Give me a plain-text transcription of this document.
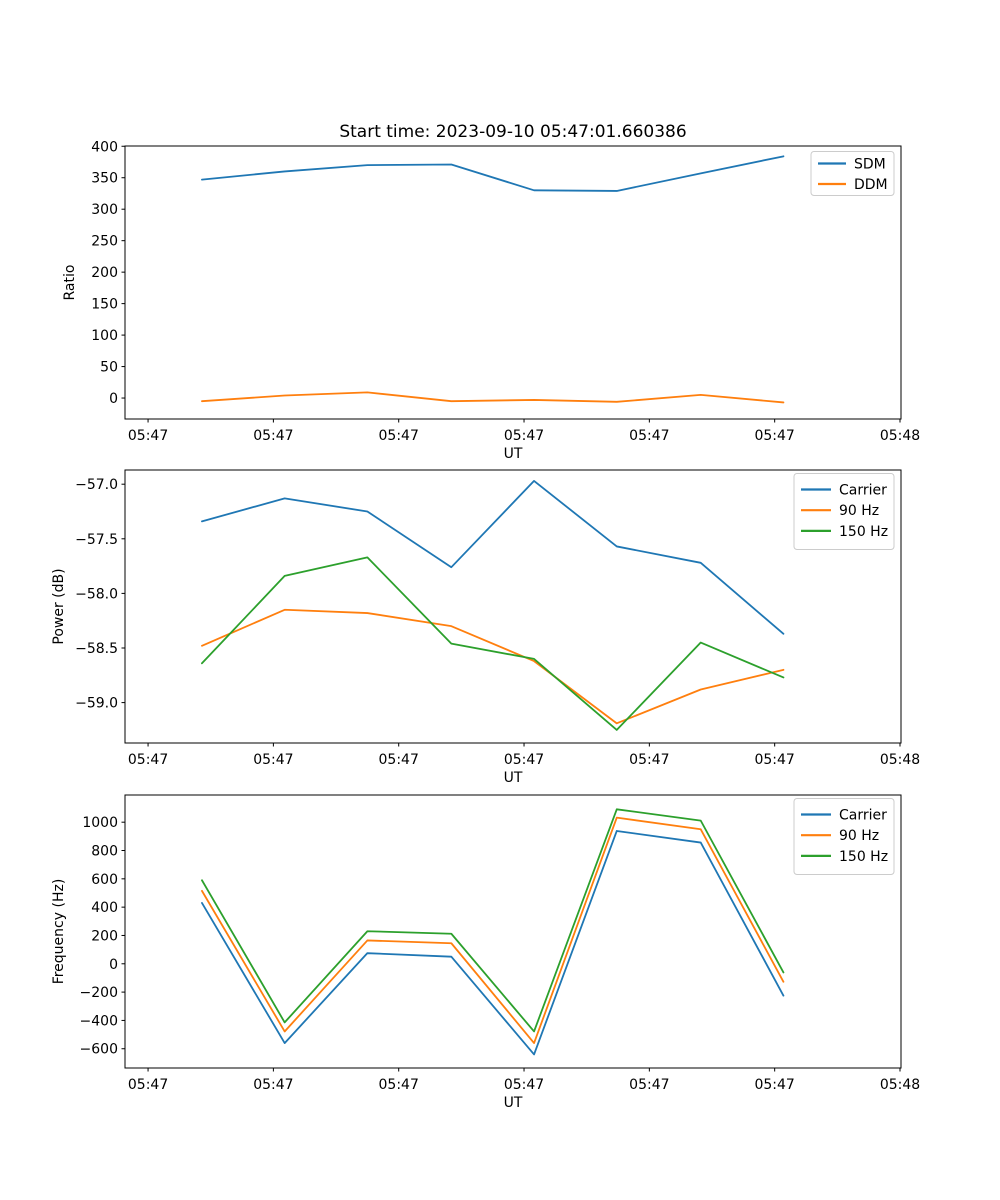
Start time: 2023-09-10 05:47:01.660386
05:47	05:47	05:47	05:47	05:47	05:47	05:48
UT
400
350
300
250
200
150
100
50
0
Ratio
SDM
DDM
05:47	05:47	05:47	05:47	05:47	05:47	05:48
UT
−57.0
−57.5
−58.0
−58.5
−59.0
Power (dB)
Carrier
90 Hz
150 Hz
05:47	05:47	05:47	05:47	05:47	05:47	05:48
UT
1000
800
600
400
200
0
−200
−400
−600
Frequency (Hz)
Carrier
90 Hz
150 Hz
